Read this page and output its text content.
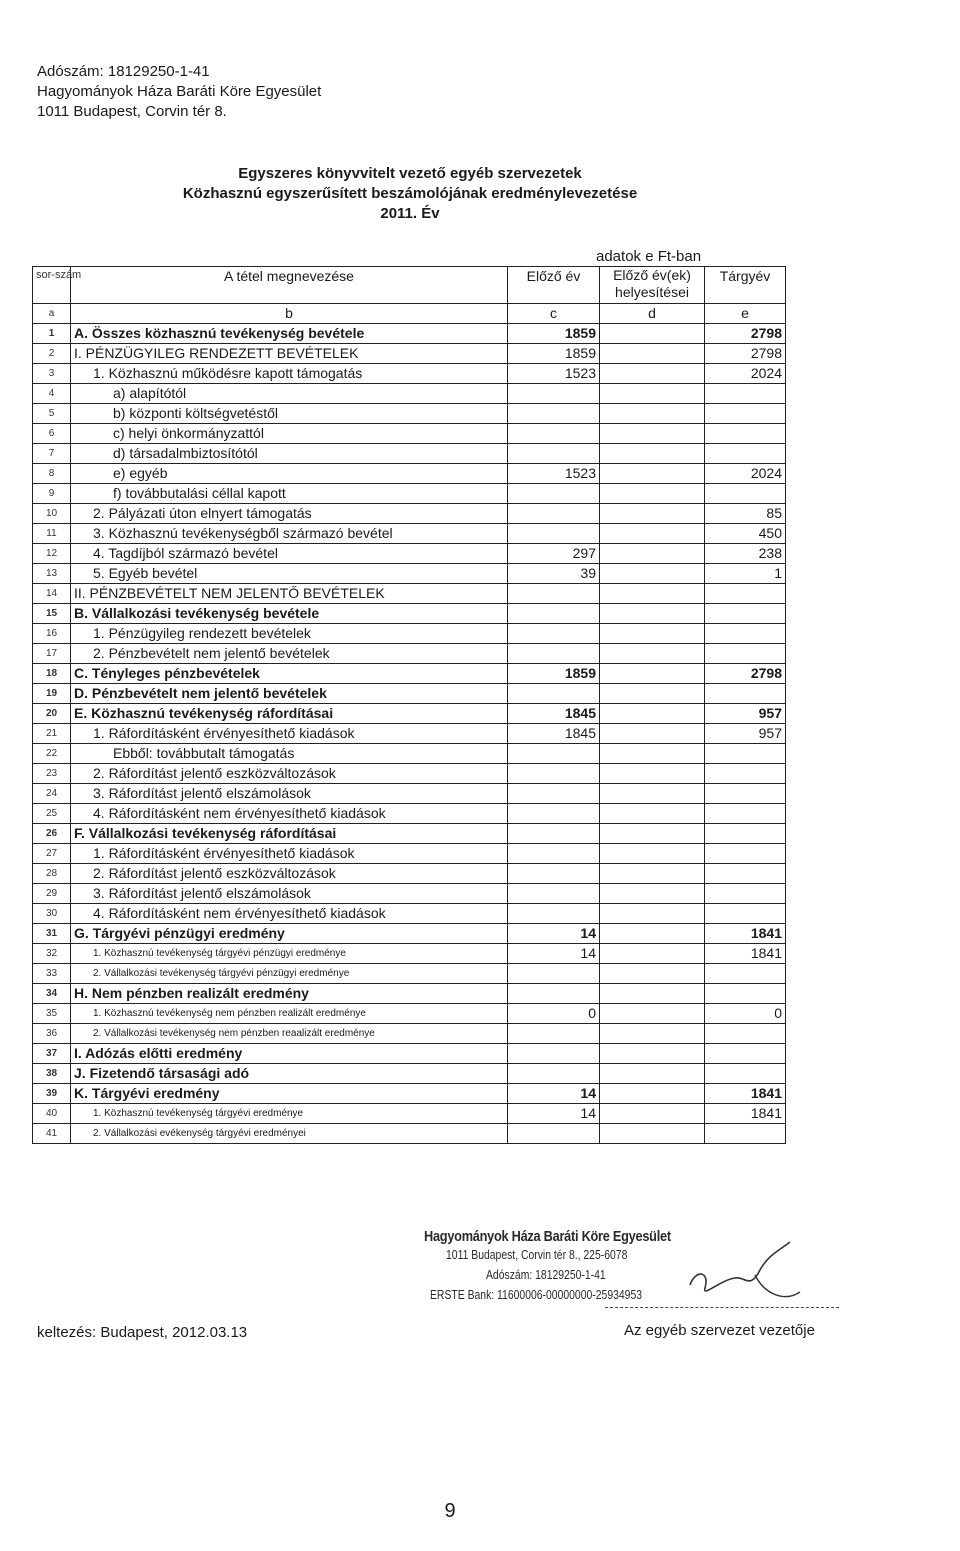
Adószám: 18129250-1-41
Hagyományok Háza Baráti Köre Egyesület
1011 Budapest, Corvin tér 8.
Egyszeres könyvvitelt vezető egyéb szervezetek
Közhasznú egyszerűsített beszámolójának eredménylevezetése
2011. Év
adatok e Ft-ban
sor-szám	A tétel megnevezése	Előző év	Előző év(ek) helyesítései	Tárgyév
a	b	c	d	e
1	A. Összes közhasznú tevékenység bevétele	1859		2798
2	I. PÉNZÜGYILEG RENDEZETT BEVÉTELEK	1859		2798
3	1. Közhasznú működésre kapott támogatás	1523		2024
4	a) alapítótól			
5	b) központi költségvetéstől			
6	c) helyi önkormányzattól			
7	d) társadalmbiztosítótól			
8	e) egyéb	1523		2024
9	f) továbbutalási céllal kapott			
10	2. Pályázati úton elnyert támogatás			85
11	3. Közhasznú tevékenységből származó bevétel			450
12	4. Tagdíjból származó bevétel	297		238
13	5. Egyéb bevétel	39		1
14	II. PÉNZBEVÉTELT NEM JELENTŐ BEVÉTELEK			
15	B. Vállalkozási tevékenység bevétele			
16	1. Pénzügyileg rendezett bevételek			
17	2. Pénzbevételt nem jelentő bevételek			
18	C. Tényleges pénzbevételek	1859		2798
19	D. Pénzbevételt nem jelentő bevételek			
20	E. Közhasznú tevékenység ráfordításai	1845		957
21	1. Ráfordításként érvényesíthető kiadások	1845		957
22	Ebből: továbbutalt támogatás			
23	2. Ráfordítást jelentő eszközváltozások			
24	3. Ráfordítást jelentő elszámolások			
25	4. Ráfordításként nem érvényesíthető kiadások			
26	F. Vállalkozási tevékenység ráfordításai			
27	1. Ráfordításként érvényesíthető kiadások			
28	2. Ráfordítást jelentő eszközváltozások			
29	3. Ráfordítást jelentő elszámolások			
30	4. Ráfordításként nem érvényesíthető kiadások			
31	G. Tárgyévi pénzügyi eredmény	14		1841
32	1. Közhasznú tevékenység tárgyévi pénzügyi eredménye	14		1841
33	2. Vállalkozási tevékenység tárgyévi pénzügyi eredménye			
34	H. Nem pénzben realizált eredmény			
35	1. Közhasznú tevékenység nem pénzben realizált eredménye	0		0
36	2. Vállalkozási tevékenység nem pénzben reaalizált eredménye			
37	I. Adózás előtti eredmény			
38	J. Fizetendő társasági adó			
39	K. Tárgyévi eredmény	14		1841
40	1. Közhasznú tevékenység tárgyévi eredménye	14		1841
41	2. Vállalkozási evékenység tárgyévi eredményei			
Hagyományok Háza Baráti Köre Egyesület
1011 Budapest, Corvin tér 8., 225-6078
Adószám: 18129250-1-41
ERSTE Bank: 11600006-00000000-25934953
keltezés: Budapest, 2012.03.13	Az egyéb szervezet vezetője
9
